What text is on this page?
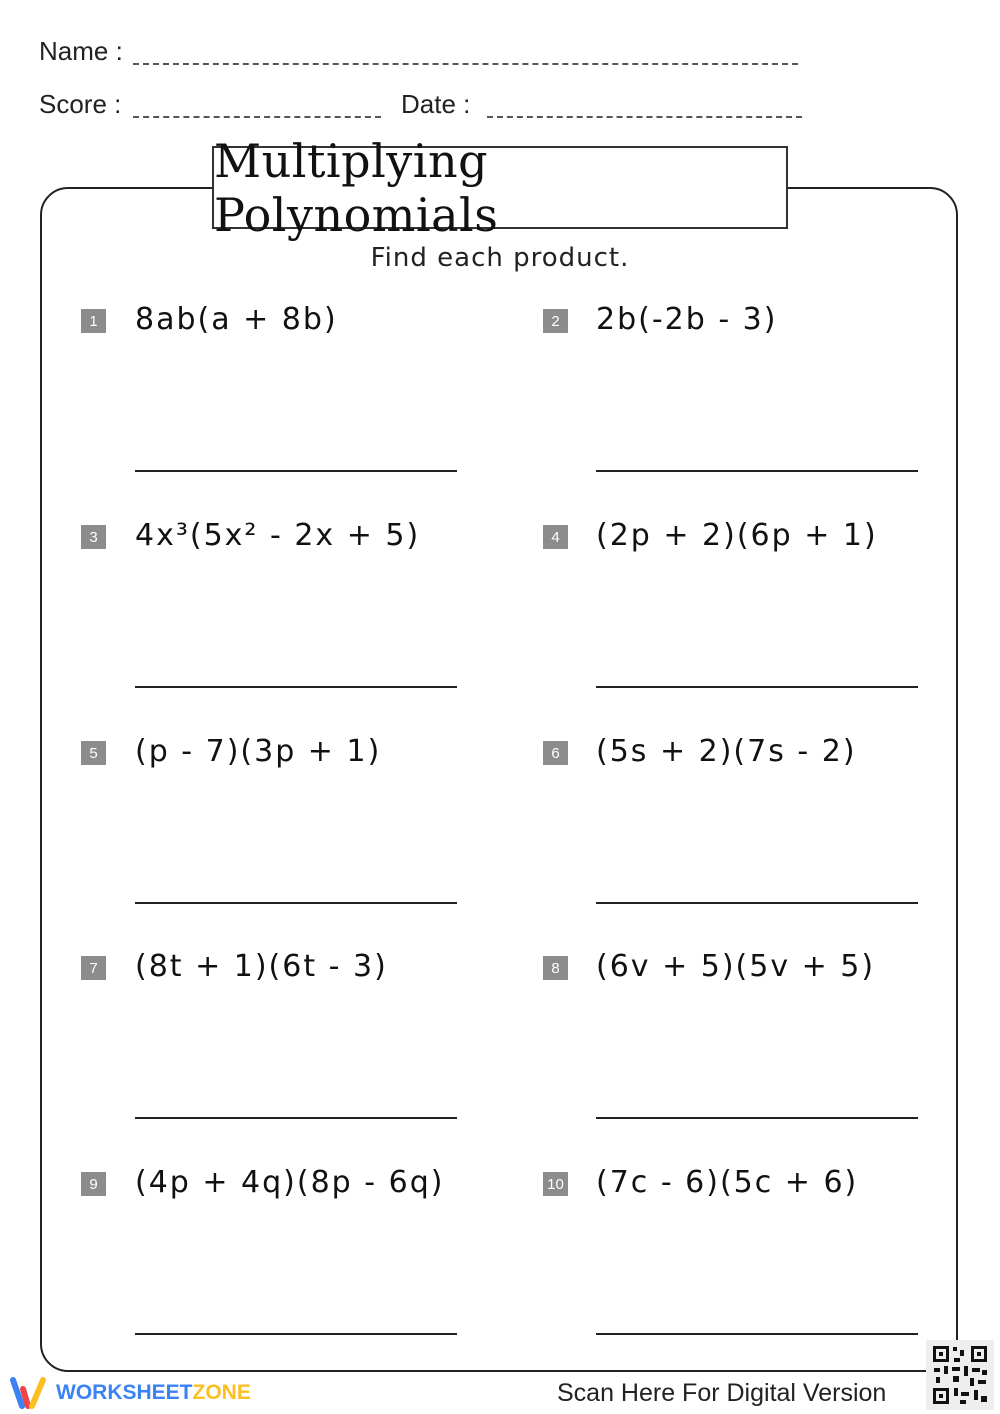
Name :
Score :	Date :
Multiplying Polynomials
Find each product.
1 8ab(a + 8b)	2 2b(-2b - 3)
3 4x³(5x² - 2x + 5)	4 (2p + 2)(6p + 1)
5 (p - 7)(3p + 1)	6 (5s + 2)(7s - 2)
7 (8t + 1)(6t - 3)	8 (6v + 5)(5v + 5)
9 (4p + 4q)(8p - 6q)	10 (7c - 6)(5c + 6)
WORKSHEETZONE	Scan Here For Digital Version
